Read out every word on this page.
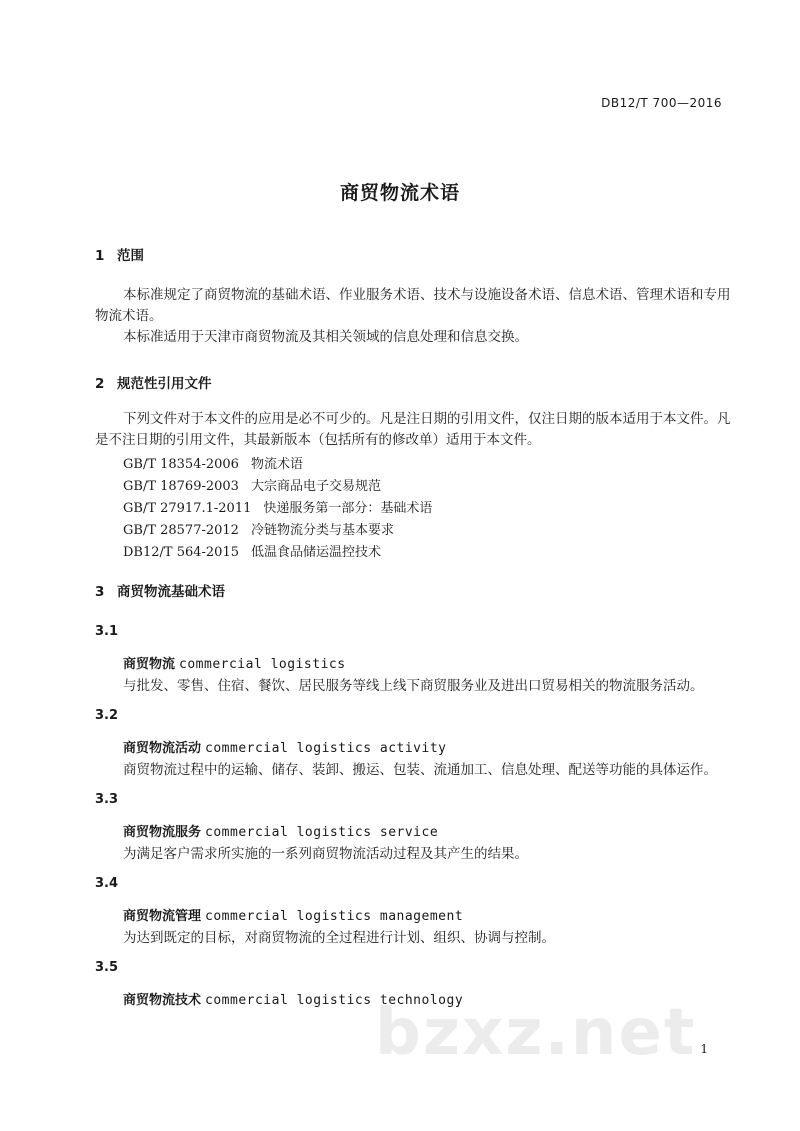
DB12/T 700—2016
商贸物流术语
1 范围
本标准规定了商贸物流的基础术语、作业服务术语、技术与设施设备术语、信息术语、管理术语和专用物流术语。
本标准适用于天津市商贸物流及其相关领域的信息处理和信息交换。
2 规范性引用文件
下列文件对于本文件的应用是必不可少的。凡是注日期的引用文件，仅注日期的版本适用于本文件。凡是不注日期的引用文件，其最新版本（包括所有的修改单）适用于本文件。
GB/T 18354-2006 物流术语
GB/T 18769-2003 大宗商品电子交易规范
GB/T 27917.1-2011 快递服务第一部分：基础术语
GB/T 28577-2012 冷链物流分类与基本要求
DB12/T 564-2015 低温食品储运温控技术
3 商贸物流基础术语
3.1
商贸物流 commercial logistics
与批发、零售、住宿、餐饮、居民服务等线上线下商贸服务业及进出口贸易相关的物流服务活动。
3.2
商贸物流活动 commercial logistics activity
商贸物流过程中的运输、储存、装卸、搬运、包装、流通加工、信息处理、配送等功能的具体运作。
3.3
商贸物流服务 commercial logistics service
为满足客户需求所实施的一系列商贸物流活动过程及其产生的结果。
3.4
商贸物流管理 commercial logistics management
为达到既定的目标，对商贸物流的全过程进行计划、组织、协调与控制。
3.5
商贸物流技术 commercial logistics technology
bzxz.net 1
